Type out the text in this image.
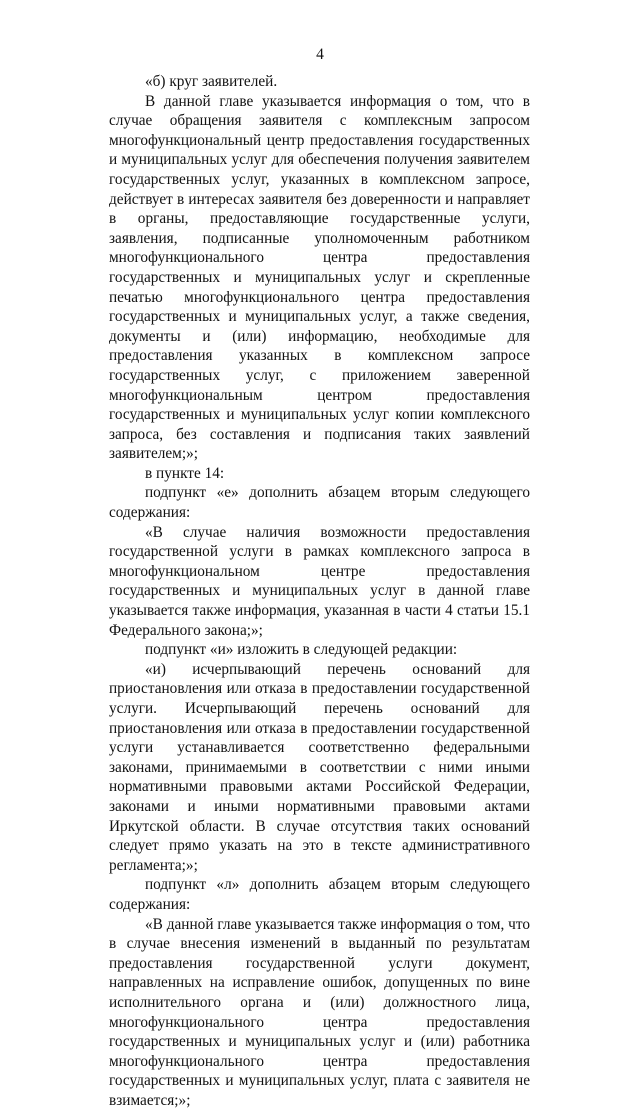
4

«б) круг заявителей.

В данной главе указывается информация о том, что в случае обращения заявителя с комплексным запросом многофункциональный центр предоставления государственных и муниципальных услуг для обеспечения получения заявителем государственных услуг, указанных в комплексном запросе, действует в интересах заявителя без доверенности и направляет в органы, предоставляющие государственные услуги, заявления, подписанные уполномоченным работником многофункционального центра предоставления государственных и муниципальных услуг и скрепленные печатью многофункционального центра предоставления государственных и муниципальных услуг, а также сведения, документы и (или) информацию, необходимые для предоставления указанных в комплексном запросе государственных услуг, с приложением заверенной многофункциональным центром предоставления государственных и муниципальных услуг копии комплексного запроса, без составления и подписания таких заявлений заявителем;»;

в пункте 14:

подпункт «е» дополнить абзацем вторым следующего содержания:

«В случае наличия возможности предоставления государственной услуги в рамках комплексного запроса в многофункциональном центре предоставления государственных и муниципальных услуг в данной главе указывается также информация, указанная в части 4 статьи 15.1 Федерального закона;»;

подпункт «и» изложить в следующей редакции:

«и) исчерпывающий перечень оснований для приостановления или отказа в предоставлении государственной услуги. Исчерпывающий перечень оснований для приостановления или отказа в предоставлении государственной услуги устанавливается соответственно федеральными законами, принимаемыми в соответствии с ними иными нормативными правовыми актами Российской Федерации, законами и иными нормативными правовыми актами Иркутской области. В случае отсутствия таких оснований следует прямо указать на это в тексте административного регламента;»;

подпункт «л» дополнить абзацем вторым следующего содержания:

«В данной главе указывается также информация о том, что в случае внесения изменений в выданный по результатам предоставления государственной услуги документ, направленных на исправление ошибок, допущенных по вине исполнительного органа и (или) должностного лица, многофункционального центра предоставления государственных и муниципальных услуг и (или) работника многофункционального центра предоставления государственных и муниципальных услуг, плата с заявителя не взимается;»;
